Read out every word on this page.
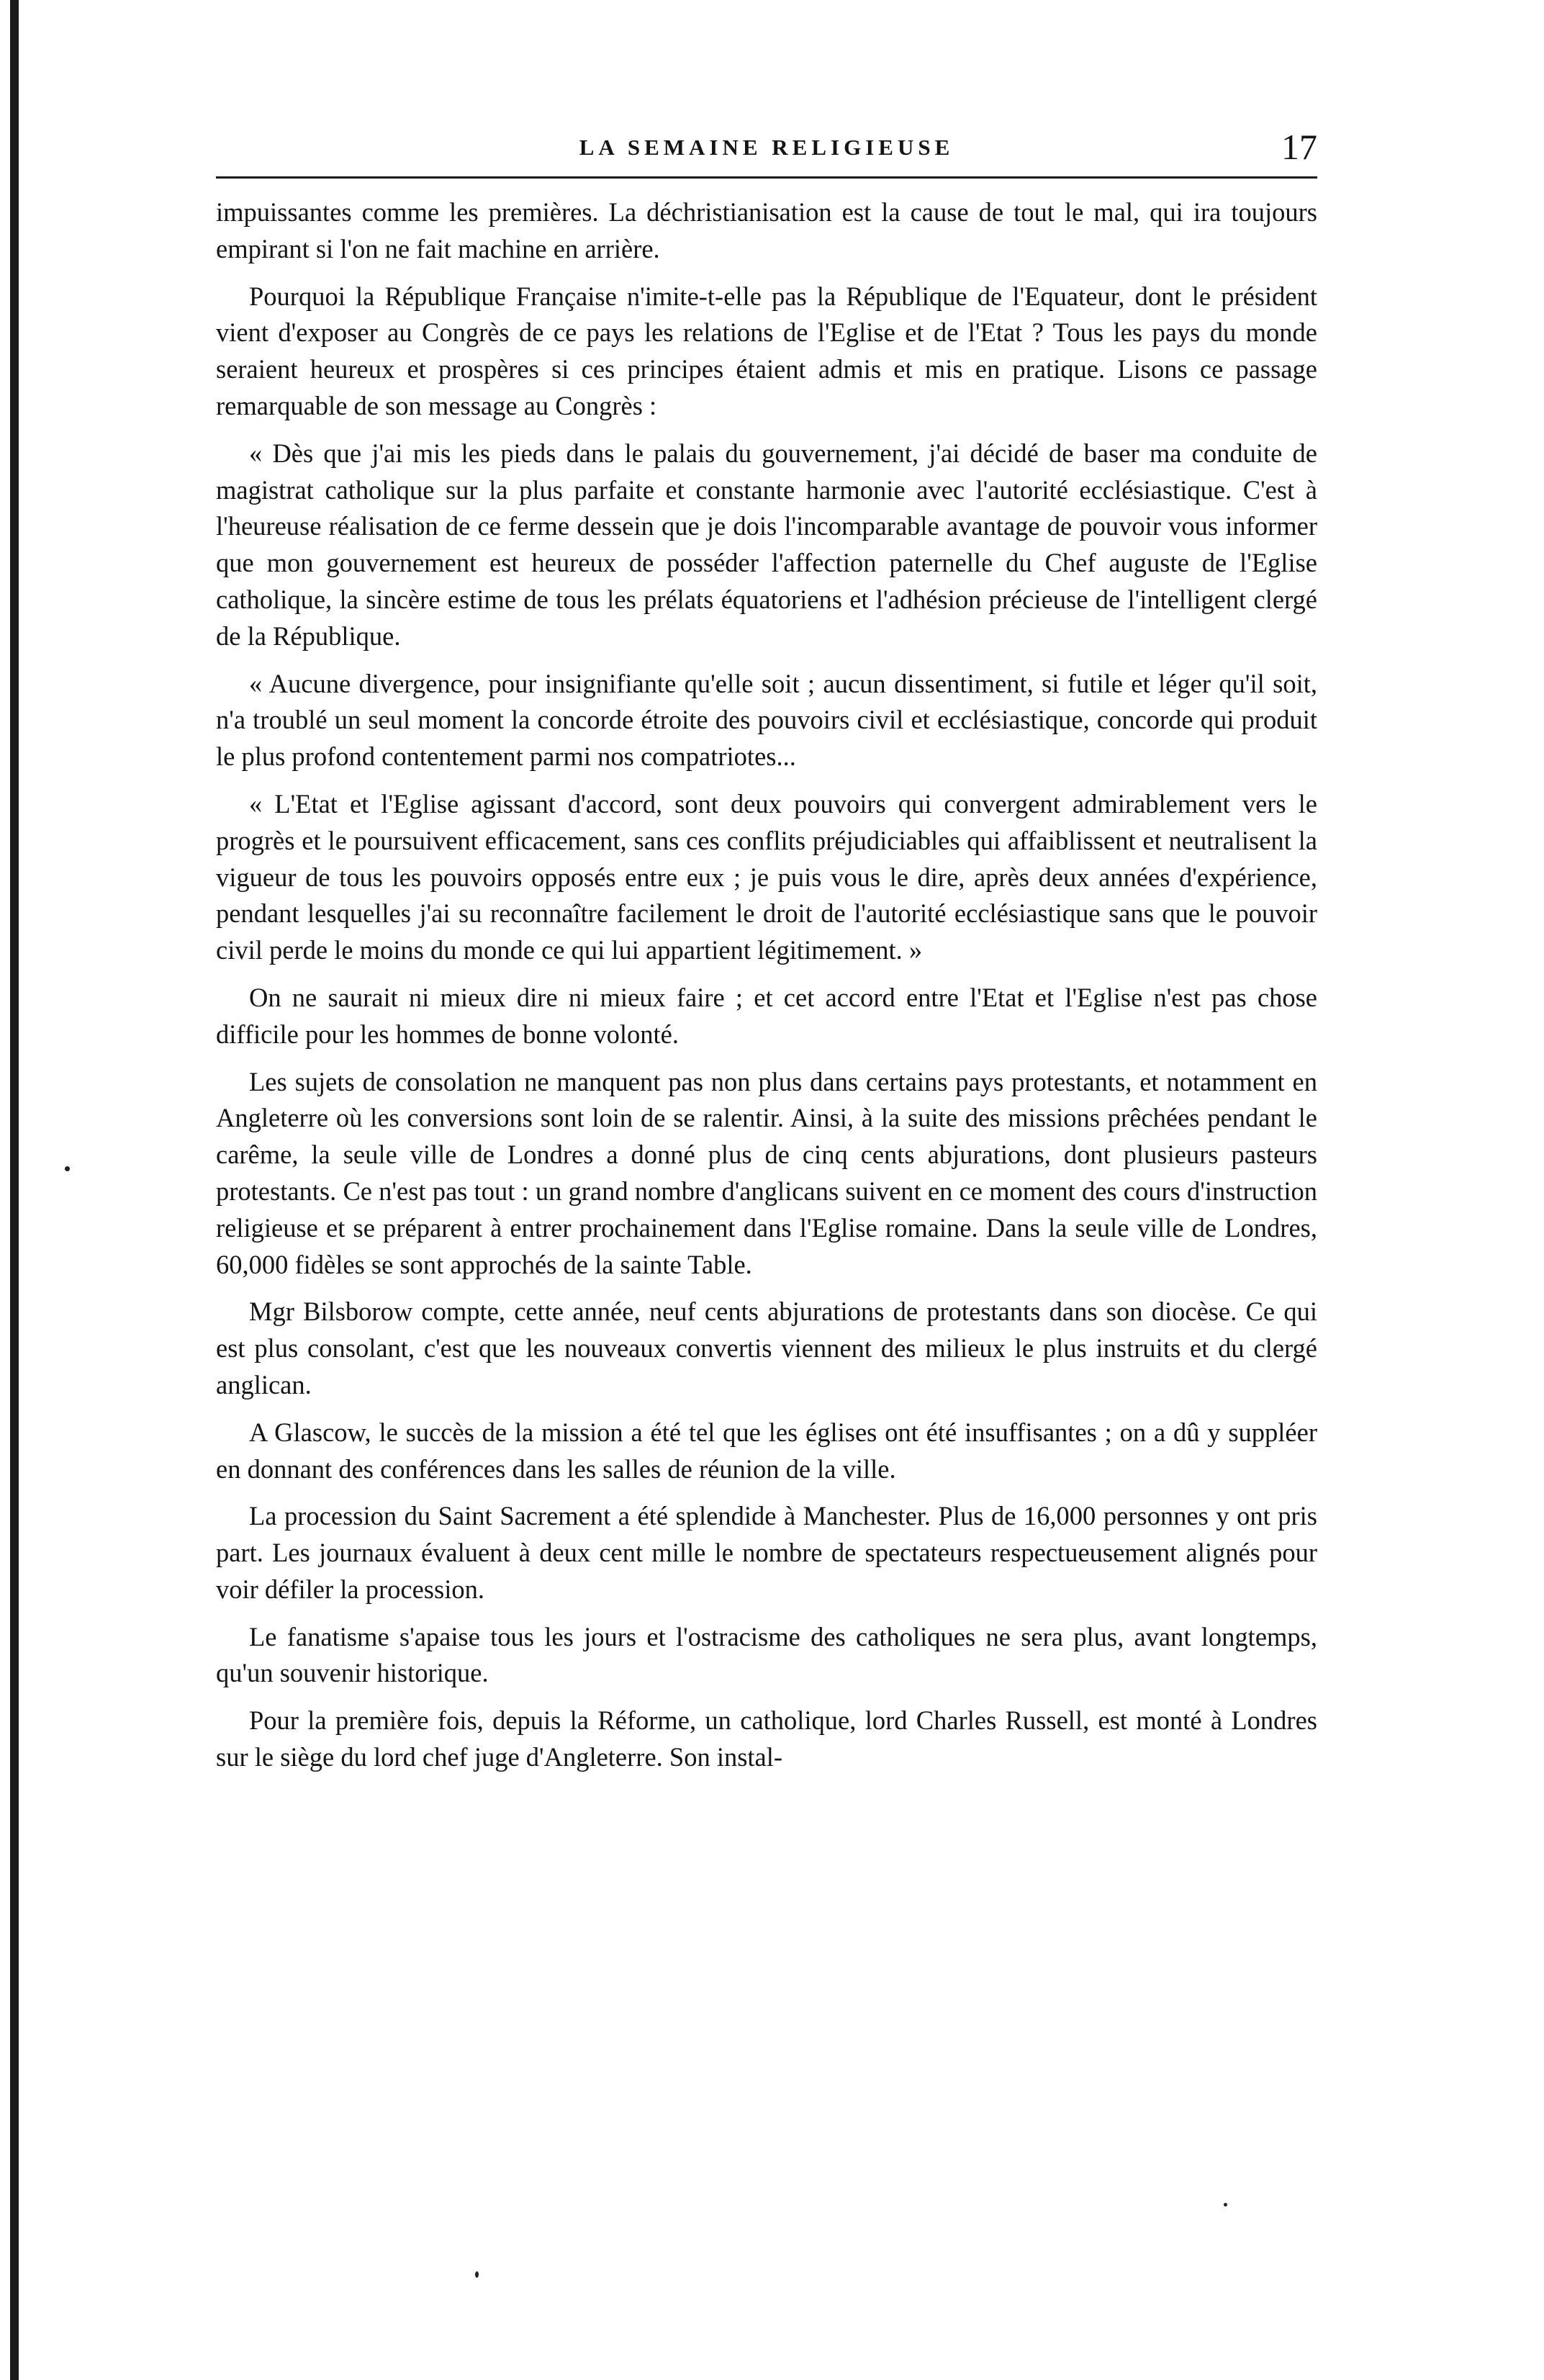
LA SEMAINE RELIGIEUSE	17

impuissantes comme les premières. La déchristianisation est la cause de tout le mal, qui ira toujours empirant si l'on ne fait machine en arrière.

Pourquoi la République Française n'imite-t-elle pas la République de l'Equateur, dont le président vient d'exposer au Congrès de ce pays les relations de l'Eglise et de l'Etat ? Tous les pays du monde seraient heureux et prospères si ces principes étaient admis et mis en pratique. Lisons ce passage remarquable de son message au Congrès :

« Dès que j'ai mis les pieds dans le palais du gouvernement, j'ai décidé de baser ma conduite de magistrat catholique sur la plus parfaite et constante harmonie avec l'autorité ecclésiastique. C'est à l'heureuse réalisation de ce ferme dessein que je dois l'incomparable avantage de pouvoir vous informer que mon gouvernement est heureux de posséder l'affection paternelle du Chef auguste de l'Eglise catholique, la sincère estime de tous les prélats équatoriens et l'adhésion précieuse de l'intelligent clergé de la République.

« Aucune divergence, pour insignifiante qu'elle soit ; aucun dissentiment, si futile et léger qu'il soit, n'a troublé un seul moment la concorde étroite des pouvoirs civil et ecclésiastique, concorde qui produit le plus profond contentement parmi nos compatriotes...

« L'Etat et l'Eglise agissant d'accord, sont deux pouvoirs qui convergent admirablement vers le progrès et le poursuivent efficacement, sans ces conflits préjudiciables qui affaiblissent et neutralisent la vigueur de tous les pouvoirs opposés entre eux ; je puis vous le dire, après deux années d'expérience, pendant lesquelles j'ai su reconnaître facilement le droit de l'autorité ecclésiastique sans que le pouvoir civil perde le moins du monde ce qui lui appartient légitimement. »

On ne saurait ni mieux dire ni mieux faire ; et cet accord entre l'Etat et l'Eglise n'est pas chose difficile pour les hommes de bonne volonté.

Les sujets de consolation ne manquent pas non plus dans certains pays protestants, et notamment en Angleterre où les conversions sont loin de se ralentir. Ainsi, à la suite des missions prêchées pendant le carême, la seule ville de Londres a donné plus de cinq cents abjurations, dont plusieurs pasteurs protestants. Ce n'est pas tout : un grand nombre d'anglicans suivent en ce moment des cours d'instruction religieuse et se préparent à entrer prochainement dans l'Eglise romaine. Dans la seule ville de Londres, 60,000 fidèles se sont approchés de la sainte Table.

Mgr Bilsborow compte, cette année, neuf cents abjurations de protestants dans son diocèse. Ce qui est plus consolant, c'est que les nouveaux convertis viennent des milieux le plus instruits et du clergé anglican.

A Glascow, le succès de la mission a été tel que les églises ont été insuffisantes ; on a dû y suppléer en donnant des conférences dans les salles de réunion de la ville.

La procession du Saint Sacrement a été splendide à Manchester. Plus de 16,000 personnes y ont pris part. Les journaux évaluent à deux cent mille le nombre de spectateurs respectueusement alignés pour voir défiler la procession.

Le fanatisme s'apaise tous les jours et l'ostracisme des catholiques ne sera plus, avant longtemps, qu'un souvenir historique.

Pour la première fois, depuis la Réforme, un catholique, lord Charles Russell, est monté à Londres sur le siège du lord chef juge d'Angleterre. Son instal-
